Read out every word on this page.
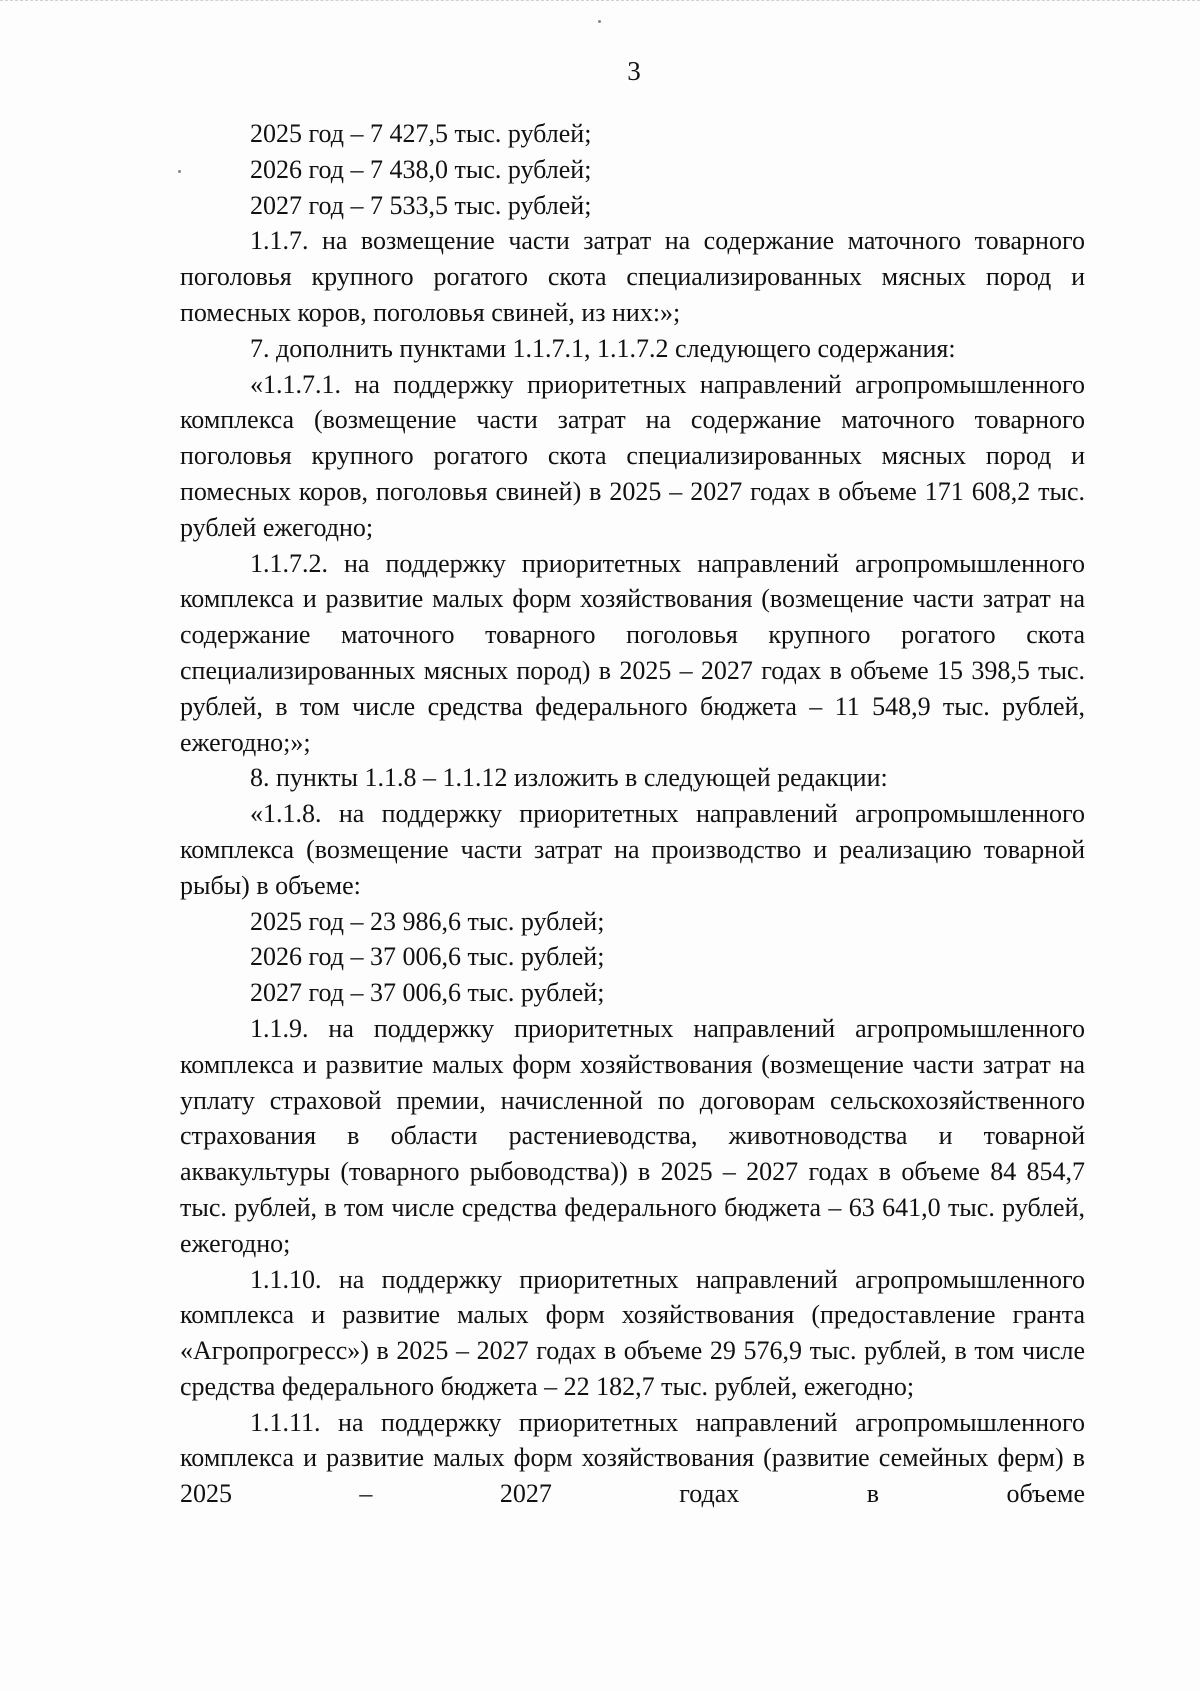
3

2025 год – 7 427,5 тыс. рублей;

2026 год – 7 438,0 тыс. рублей;

2027 год – 7 533,5 тыс. рублей;

1.1.7. на возмещение части затрат на содержание маточного товарного поголовья крупного рогатого скота специализированных мясных пород и помесных коров, поголовья свиней, из них:»;

7. дополнить пунктами 1.1.7.1, 1.1.7.2 следующего содержания:

«1.1.7.1. на поддержку приоритетных направлений агропромышленного комплекса (возмещение части затрат на содержание маточного товарного поголовья крупного рогатого скота специализированных мясных пород и помесных коров, поголовья свиней) в 2025 – 2027 годах в объеме 171 608,2 тыс. рублей ежегодно;

1.1.7.2. на поддержку приоритетных направлений агропромышленного комплекса и развитие малых форм хозяйствования (возмещение части затрат на содержание маточного товарного поголовья крупного рогатого скота специализированных мясных пород) в 2025 – 2027 годах в объеме 15 398,5 тыс. рублей, в том числе средства федерального бюджета – 11 548,9 тыс. рублей, ежегодно;»;

8. пункты 1.1.8 – 1.1.12 изложить в следующей редакции:

«1.1.8. на поддержку приоритетных направлений агропромышленного комплекса (возмещение части затрат на производство и реализацию товарной рыбы) в объеме:

2025 год – 23 986,6 тыс. рублей;

2026 год – 37 006,6 тыс. рублей;

2027 год – 37 006,6 тыс. рублей;

1.1.9. на поддержку приоритетных направлений агропромышленного комплекса и развитие малых форм хозяйствования (возмещение части затрат на уплату страховой премии, начисленной по договорам сельскохозяйственного страхования в области растениеводства, животноводства и товарной аквакультуры (товарного рыбоводства)) в 2025 – 2027 годах в объеме 84 854,7 тыс. рублей, в том числе средства федерального бюджета – 63 641,0 тыс. рублей, ежегодно;

1.1.10. на поддержку приоритетных направлений агропромышленного комплекса и развитие малых форм хозяйствования (предоставление гранта «Агропрогресс») в 2025 – 2027 годах в объеме 29 576,9 тыс. рублей, в том числе средства федерального бюджета – 22 182,7 тыс. рублей, ежегодно;

1.1.11. на поддержку приоритетных направлений агропромышленного комплекса и развитие малых форм хозяйствования (развитие семейных ферм) в 2025 – 2027 годах в объеме
